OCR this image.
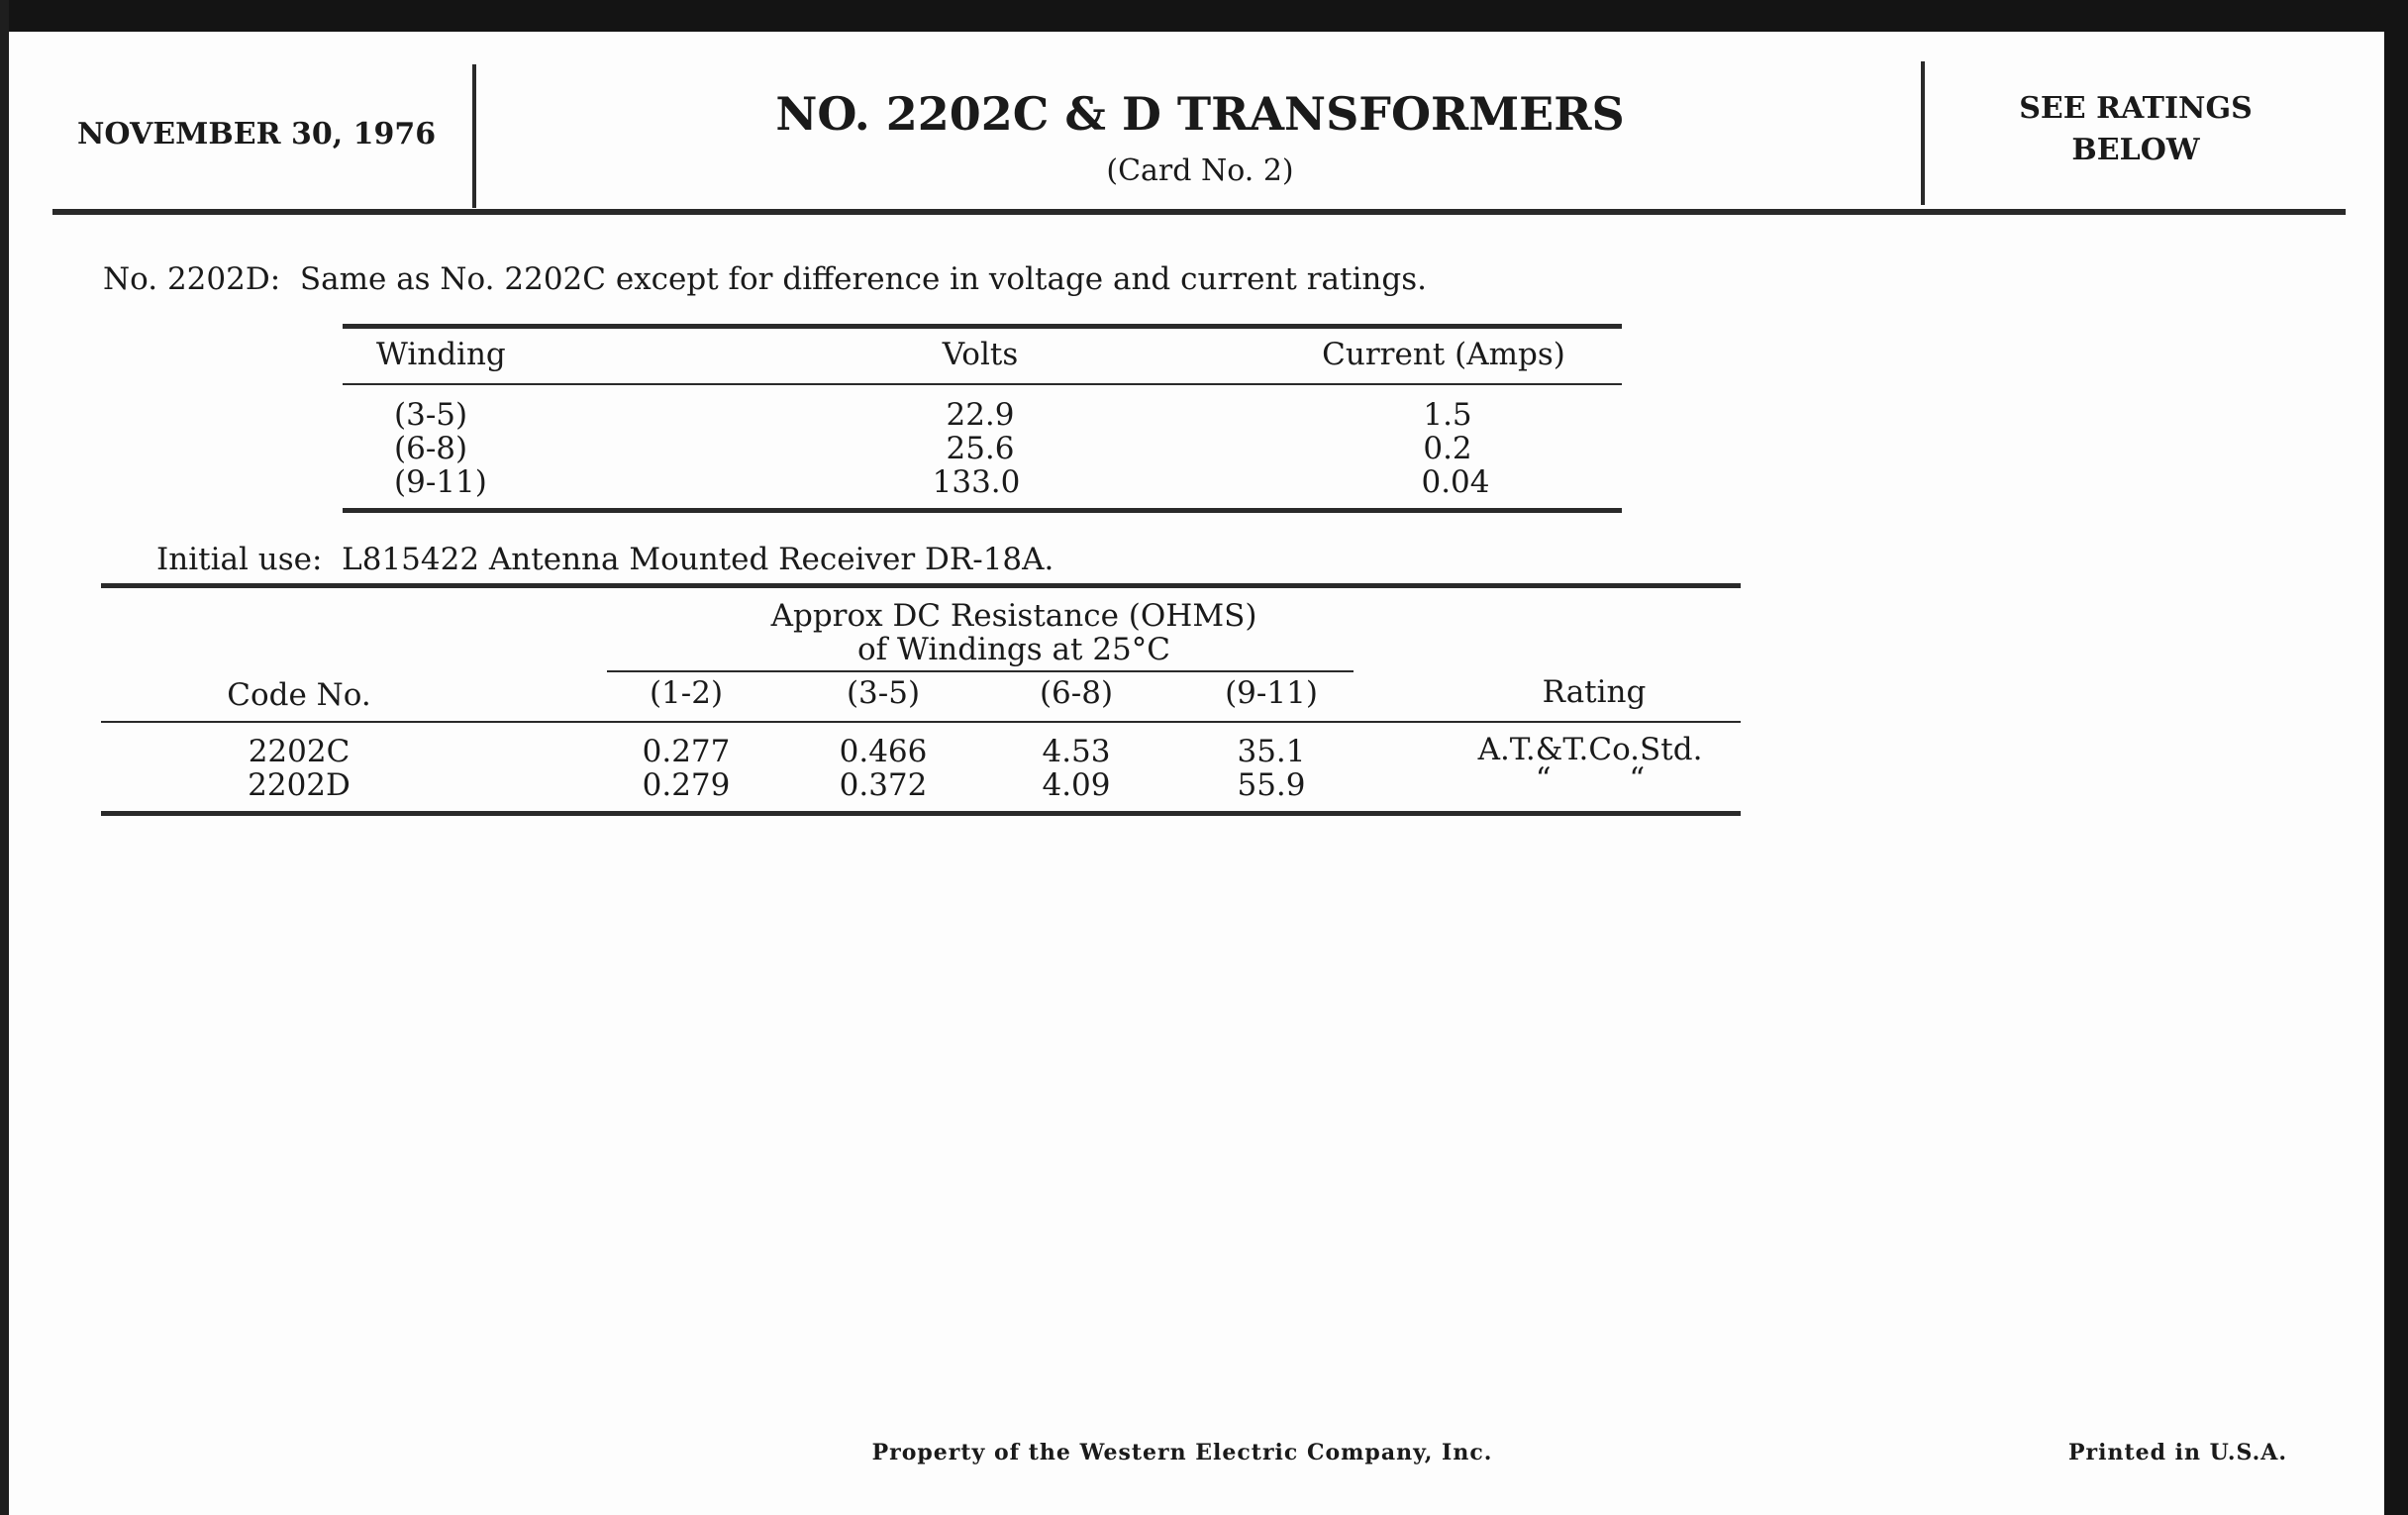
NOVEMBER 30, 1976	NO. 2202C & D TRANSFORMERS
(Card No. 2)
SEE RATINGS
BELOW
No. 2202D: Same as No. 2202C except for difference in voltage and current ratings.
Winding	Volts	Current (Amps)
(3-5)	22.9	1.5
(6-8)	25.6	0.2
(9-11)	133.0	0.04
Initial use: L815422 Antenna Mounted Receiver DR-18A.
Approx DC Resistance (OHMS)
of Windings at 25°C
Code No.	(1-2)	(3-5)	(6-8)	(9-11)	Rating
2202C	0.277	0.466	4.53	35.1	A.T.&T.Co.Std.
2202D	0.279	0.372	4.09	55.9	“        “
Property of the Western Electric Company, Inc.	Printed in U.S.A.
